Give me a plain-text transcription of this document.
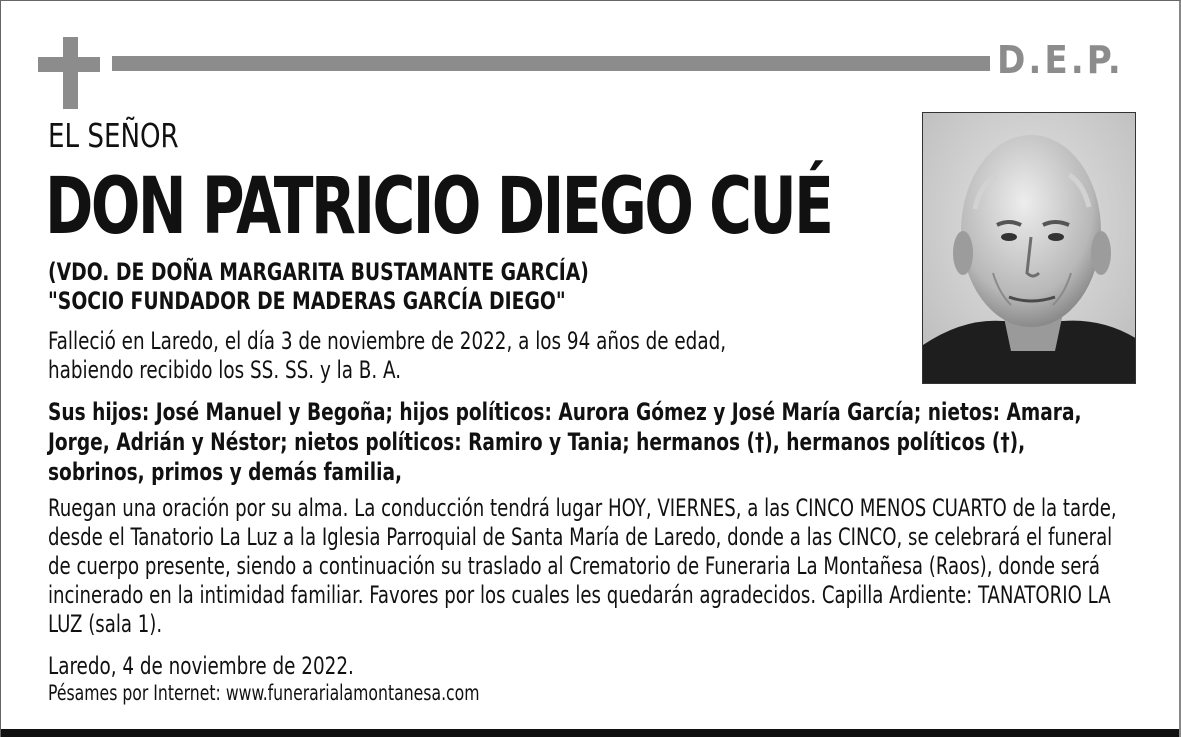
D.E.P.
EL SEÑOR
DON PATRICIO DIEGO CUÉ
(VDO. DE DOÑA MARGARITA BUSTAMANTE GARCÍA)
"SOCIO FUNDADOR DE MADERAS GARCÍA DIEGO"
Falleció en Laredo, el día 3 de noviembre de 2022, a los 94 años de edad, habiendo recibido los SS. SS. y la B. A.
Sus hijos: José Manuel y Begoña; hijos políticos: Aurora Gómez y José María García; nietos: Amara, Jorge, Adrián y Néstor; nietos políticos: Ramiro y Tania; hermanos (†), hermanos políticos (†), sobrinos, primos y demás familia,
Ruegan una oración por su alma. La conducción tendrá lugar HOY, VIERNES, a las CINCO MENOS CUARTO de la tarde, desde el Tanatorio La Luz a la Iglesia Parroquial de Santa María de Laredo, donde a las CINCO, se celebrará el funeral de cuerpo presente, siendo a continuación su traslado al Crematorio de Funeraria La Montañesa (Raos), donde será incinerado en la intimidad familiar. Favores por los cuales les quedarán agradecidos. Capilla Ardiente: TANATORIO LA LUZ (sala 1).
Laredo, 4 de noviembre de 2022.
Pésames por Internet: www.funerarialamontanesa.com
